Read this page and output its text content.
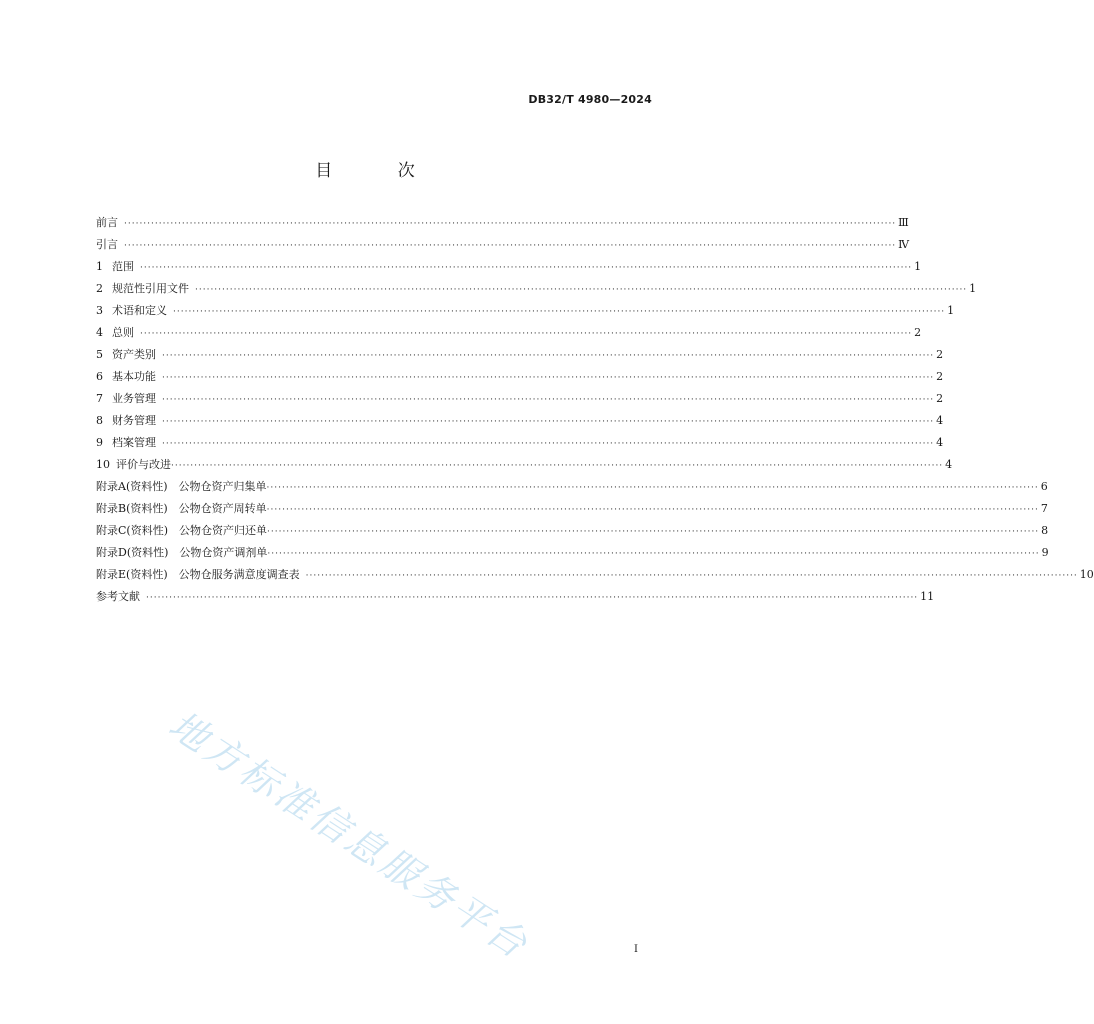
DB32/T 4980—2024
目 次
前言 ········································································································································································································ Ⅲ
引言 ········································································································································································································ Ⅳ
1 范围 ········································································································································································································ 1
2 规范性引用文件 ········································································································································································································ 1
3 术语和定义 ········································································································································································································ 1
4 总则 ········································································································································································································ 2
5 资产类别 ········································································································································································································ 2
6 基本功能 ········································································································································································································ 2
7 业务管理 ········································································································································································································ 2
8 财务管理 ········································································································································································································ 4
9 档案管理 ········································································································································································································ 4
10 评价与改进 ········································································································································································································ 4
附录A(资料性)　公物仓资产归集单 ········································································································································································································ 6
附录B(资料性)　公物仓资产周转单 ········································································································································································································ 7
附录C(资料性)　公物仓资产归还单 ········································································································································································································ 8
附录D(资料性)　公物仓资产调剂单 ········································································································································································································ 9
附录E(资料性)　公物仓服务满意度调查表 ········································································································································································································ 10
参考文献 ········································································································································································································ 11
地方标准信息服务平台	I
